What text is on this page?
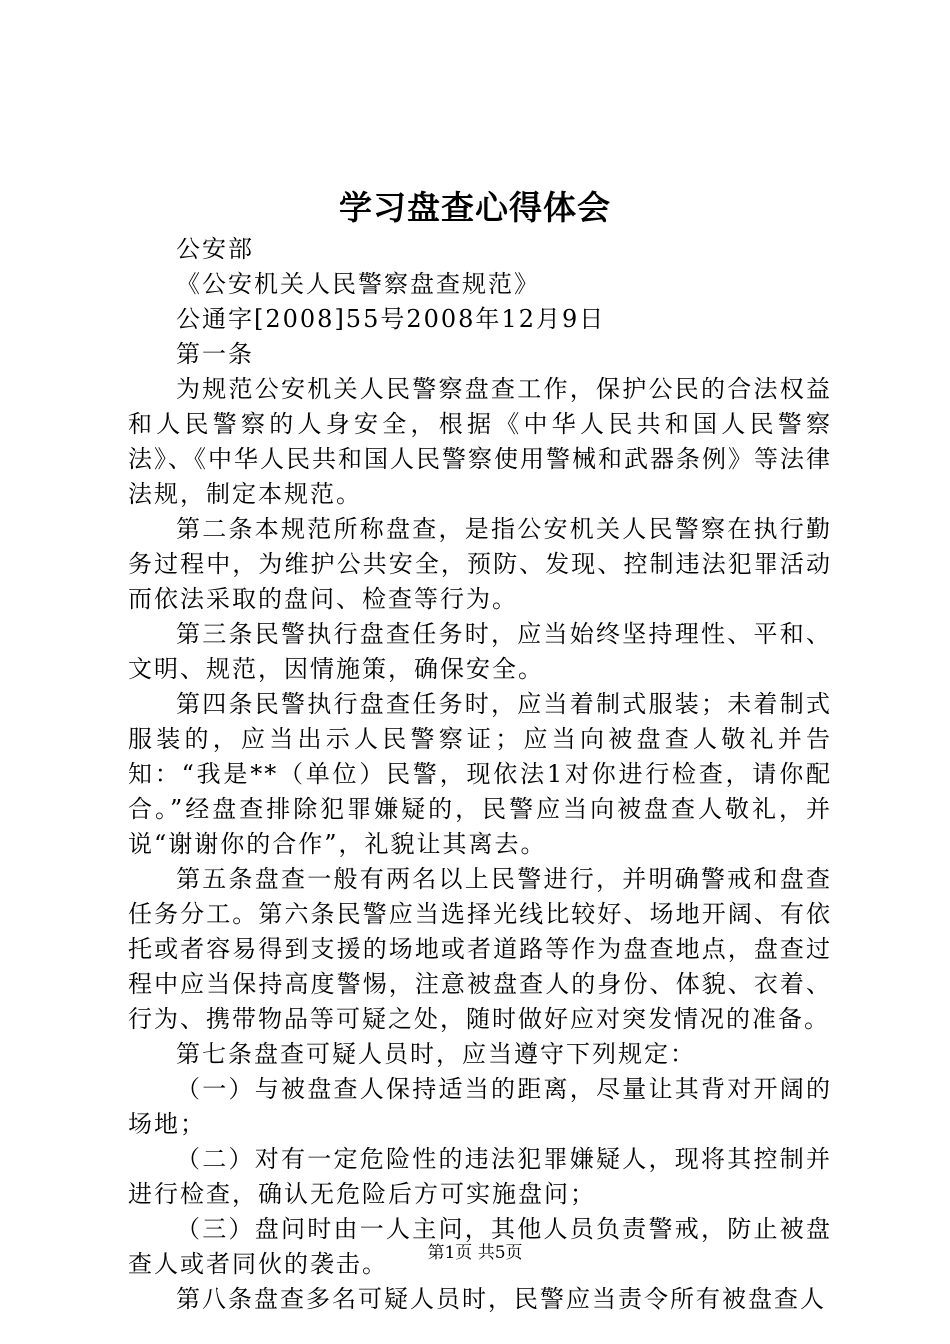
学习盘查心得体会

公安部

《公安机关人民警察盘查规范》

公通字[2008]55号2008年12月9日

第一条

为规范公安机关人民警察盘查工作，保护公民的合法权益和人民警察的人身安全，根据《中华人民共和国人民警察法》、《中华人民共和国人民警察使用警械和武器条例》等法律法规，制定本规范。

第二条本规范所称盘查，是指公安机关人民警察在执行勤务过程中，为维护公共安全，预防、发现、控制违法犯罪活动而依法采取的盘问、检查等行为。

第三条民警执行盘查任务时，应当始终坚持理性、平和、文明、规范，因情施策，确保安全。

第四条民警执行盘查任务时，应当着制式服装；未着制式服装的，应当出示人民警察证；应当向被盘查人敬礼并告知：“我是**（单位）民警，现依法1对你进行检查，请你配合。”经盘查排除犯罪嫌疑的，民警应当向被盘查人敬礼，并说“谢谢你的合作”，礼貌让其离去。

第五条盘查一般有两名以上民警进行，并明确警戒和盘查任务分工。第六条民警应当选择光线比较好、场地开阔、有依托或者容易得到支援的场地或者道路等作为盘查地点，盘查过程中应当保持高度警惕，注意被盘查人的身份、体貌、衣着、行为、携带物品等可疑之处，随时做好应对突发情况的准备。

第七条盘查可疑人员时，应当遵守下列规定：

（一）与被盘查人保持适当的距离，尽量让其背对开阔的场地；

（二）对有一定危险性的违法犯罪嫌疑人，现将其控制并进行检查，确认无危险后方可实施盘问；

（三）盘问时由一人主问，其他人员负责警戒，防止被盘查人或者同伙的袭击。

第八条盘查多名可疑人员时，民警应当责令所有被盘查人

第1页 共5页
